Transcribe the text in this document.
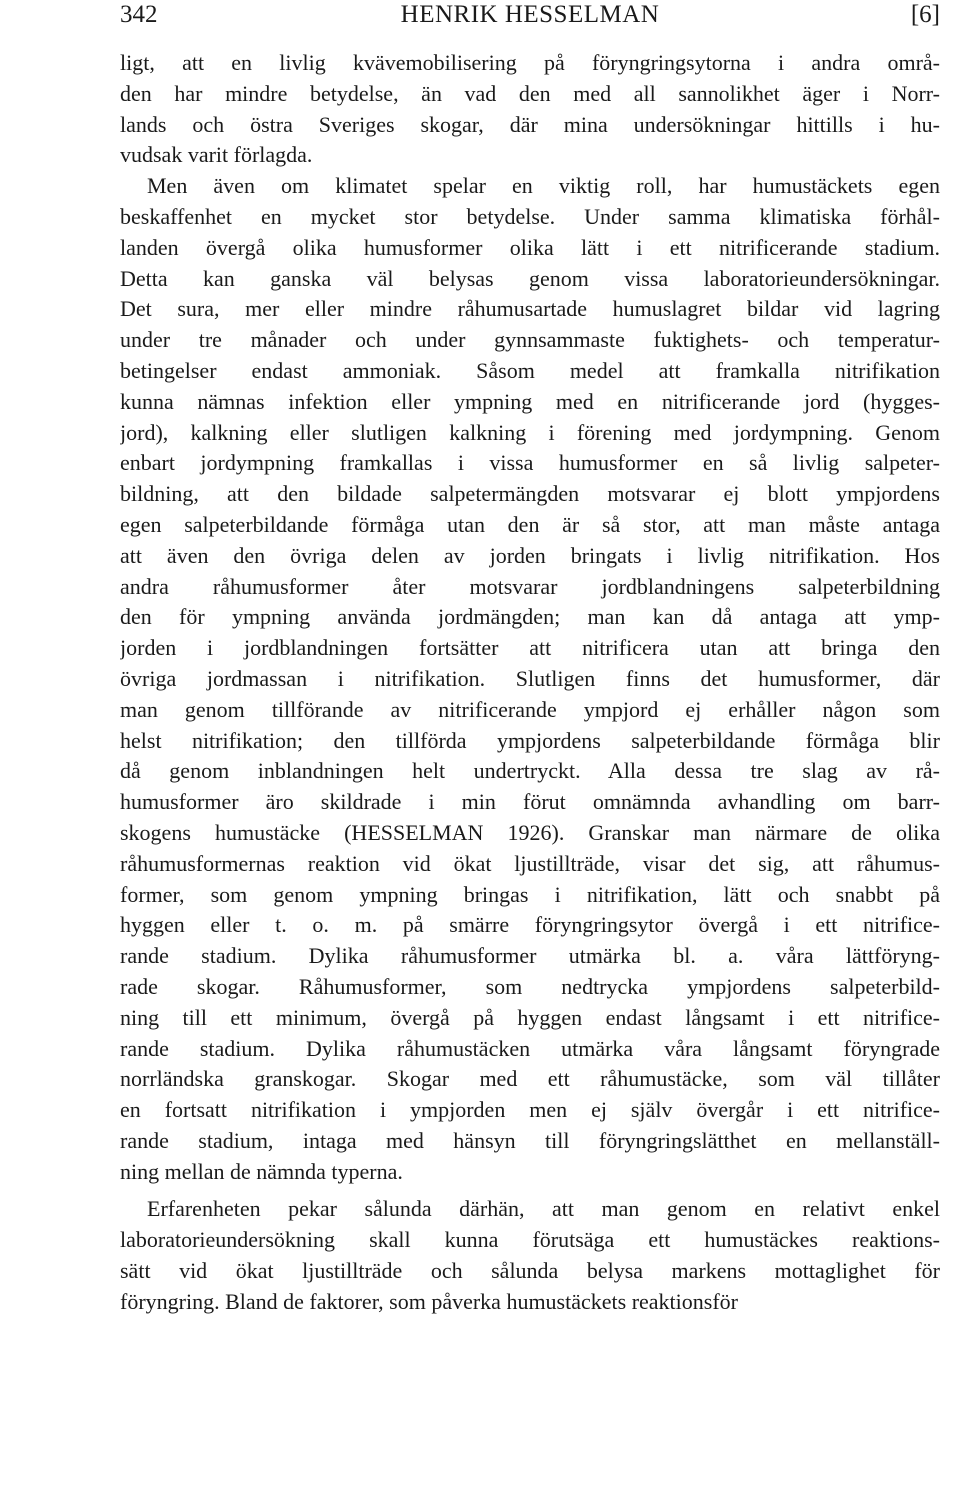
342	HENRIK HESSELMAN	[6]
ligt, att en livlig kvävemobilisering på föryngringsytorna i andra områ-
den har mindre betydelse, än vad den med all sannolikhet äger i Norr-
lands och östra Sveriges skogar, där mina undersökningar hittills i hu-
vudsak varit förlagda.
Men även om klimatet spelar en viktig roll, har humustäckets egen
beskaffenhet en mycket stor betydelse. Under samma klimatiska förhål-
landen övergå olika humusformer olika lätt i ett nitrificerande stadium.
Detta kan ganska väl belysas genom vissa laboratorieundersökningar.
Det sura, mer eller mindre råhumusartade humuslagret bildar vid lagring
under tre månader och under gynnsammaste fuktighets- och temperatur-
betingelser endast ammoniak. Såsom medel att framkalla nitrifikation
kunna nämnas infektion eller ympning med en nitrificerande jord (hygges-
jord), kalkning eller slutligen kalkning i förening med jordympning. Genom
enbart jordympning framkallas i vissa humusformer en så livlig salpeter-
bildning, att den bildade salpetermängden motsvarar ej blott ympjordens
egen salpeterbildande förmåga utan den är så stor, att man måste antaga
att även den övriga delen av jorden bringats i livlig nitrifikation. Hos
andra råhumusformer åter motsvarar jordblandningens salpeterbildning
den för ympning använda jordmängden; man kan då antaga att ymp-
jorden i jordblandningen fortsätter att nitrificera utan att bringa den
övriga jordmassan i nitrifikation. Slutligen finns det humusformer, där
man genom tillförande av nitrificerande ympjord ej erhåller någon som
helst nitrifikation; den tillförda ympjordens salpeterbildande förmåga blir
då genom inblandningen helt undertryckt. Alla dessa tre slag av rå-
humusformer äro skildrade i min förut omnämnda avhandling om barr-
skogens humustäcke (HESSELMAN 1926). Granskar man närmare de olika
råhumusformernas reaktion vid ökat ljustillträde, visar det sig, att råhumus-
former, som genom ympning bringas i nitrifikation, lätt och snabbt på
hyggen eller t. o. m. på smärre föryngringsytor övergå i ett nitrifice-
rande stadium. Dylika råhumusformer utmärka bl. a. våra lättföryng-
rade skogar. Råhumusformer, som nedtrycka ympjordens salpeterbild-
ning till ett minimum, övergå på hyggen endast långsamt i ett nitrifice-
rande stadium. Dylika råhumustäcken utmärka våra långsamt föryngrade
norrländska granskogar. Skogar med ett råhumustäcke, som väl tillåter
en fortsatt nitrifikation i ympjorden men ej själv övergår i ett nitrifice-
rande stadium, intaga med hänsyn till föryngringslätthet en mellanställ-
ning mellan de nämnda typerna.
Erfarenheten pekar sålunda därhän, att man genom en relativt enkel
laboratorieundersökning skall kunna förutsäga ett humustäckes reaktions-
sätt vid ökat ljustillträde och sålunda belysa markens mottaglighet för
föryngring. Bland de faktorer, som påverka humustäckets reaktionsför
